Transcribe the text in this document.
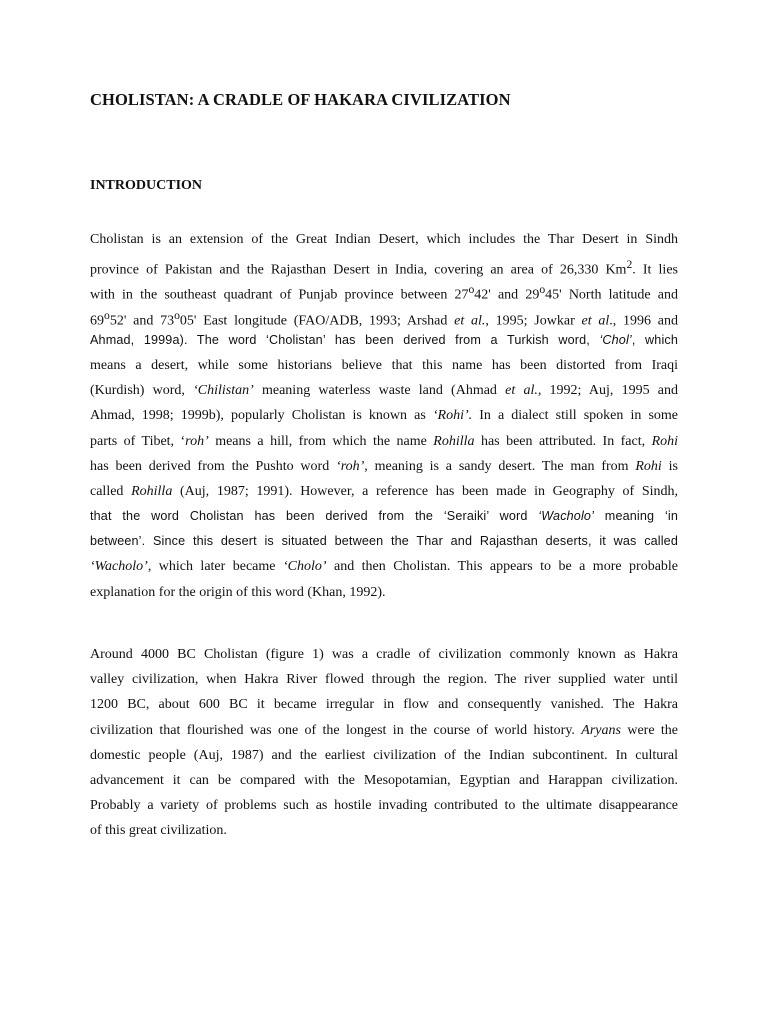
CHOLISTAN: A CRADLE OF HAKARA CIVILIZATION
INTRODUCTION
Cholistan is an extension of the Great Indian Desert, which includes the Thar Desert in Sindh
province of Pakistan and the Rajasthan Desert in India, covering an area of 26,330 Km$^2$. It lies
with in the southeast quadrant of Punjab province between 27$^o$42' and 29$^o$45' North latitude and
69$^o$52' and 73$^o$05' East longitude (FAO/ADB, 1993; Arshad et al., 1995; Jowkar et al., 1996 and
Ahmad, 1999a). The word ‘Cholistan’ has been derived from a Turkish word, ‘Chol’, which
means a desert, while some historians believe that this name has been distorted from Iraqi
(Kurdish) word, ‘Chilistan’ meaning waterless waste land (Ahmad et al., 1992; Auj, 1995 and
Ahmad, 1998; 1999b), popularly Cholistan is known as ‘Rohi’. In a dialect still spoken in some
parts of Tibet, ‘roh’ means a hill, from which the name Rohilla has been attributed. In fact, Rohi
has been derived from the Pushto word ‘roh’, meaning is a sandy desert. The man from Rohi is
called Rohilla (Auj, 1987; 1991). However, a reference has been made in Geography of Sindh,
that the word Cholistan has been derived from the ‘Seraiki’ word ‘Wacholo’ meaning ‘in
between’. Since this desert is situated between the Thar and Rajasthan deserts, it was called
‘Wacholo’, which later became ‘Cholo’ and then Cholistan. This appears to be a more probable
explanation for the origin of this word (Khan, 1992).
Around 4000 BC Cholistan (figure 1) was a cradle of civilization commonly known as Hakra
valley civilization, when Hakra River flowed through the region. The river supplied water until
1200 BC, about 600 BC it became irregular in flow and consequently vanished. The Hakra
civilization that flourished was one of the longest in the course of world history. Aryans were the
domestic people (Auj, 1987) and the earliest civilization of the Indian subcontinent. In cultural
advancement it can be compared with the Mesopotamian, Egyptian and Harappan civilization.
Probably a variety of problems such as hostile invading contributed to the ultimate disappearance
of this great civilization.
